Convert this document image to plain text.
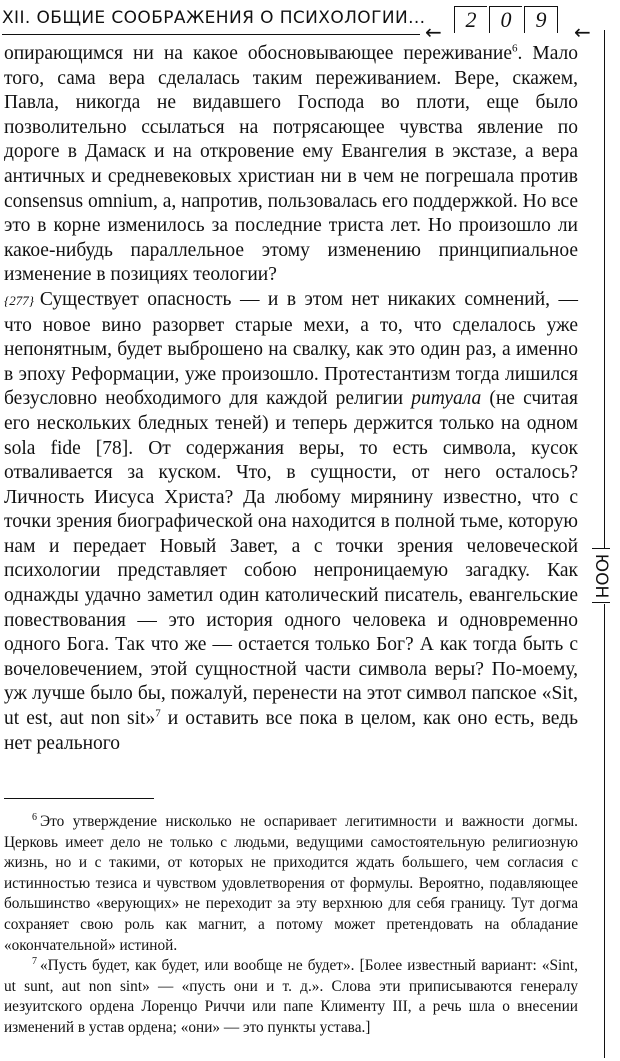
XII. ОБЩИЕ СООБРАЖЕНИЯ О ПСИХОЛОГИИ...
←	2 0 9	←
ЮОН

опирающимся ни на какое обосновывающее переживание$^6$. Мало того, сама вера сделалась таким переживанием. Вере, скажем, Павла, никогда не видавшего Господа во плоти, еще было позволительно ссылаться на потрясающее чувства явление по дороге в Дамаск и на откровение ему Евангелия в экстазе, а вера античных и средневековых христиан ни в чем не погрешала против consensus omnium, а, напротив, пользовалась его поддержкой. Но все это в корне изменилось за последние триста лет. Но произошло ли какое-нибудь параллельное этому изменению принципиальное изменение в позициях теологии?

{277} Существует опасность — и в этом нет никаких сомнений, — что новое вино разорвет старые мехи, а то, что сделалось уже непонятным, будет выброшено на свалку, как это один раз, а именно в эпоху Реформации, уже произошло. Протестантизм тогда лишился безусловно необходимого для каждой религии ритуала (не считая его нескольких бледных теней) и теперь держится только на одном sola fide [78]. От содержания веры, то есть символа, кусок отваливается за куском. Что, в сущности, от него осталось? Личность Иисуса Христа? Да любому мирянину известно, что с точки зрения биографической она находится в полной тьме, которую нам и передает Новый Завет, а с точки зрения человеческой психологии представляет собою непроницаемую загадку. Как однажды удачно заметил один католический писатель, евангельские повествования — это история одного человека и одновременно одного Бога. Так что же — остается только Бог? А как тогда быть с вочеловечением, этой сущностной части символа веры? По-моему, уж лучше было бы, пожалуй, перенести на этот символ папское «Sit, ut est, aut non sit»$^7$ и оставить все пока в целом, как оно есть, ведь нет реального

$^6$ Это утверждение нисколько не оспаривает легитимности и важности догмы. Церковь имеет дело не только с людьми, ведущими самостоятельную религиозную жизнь, но и с такими, от которых не приходится ждать большего, чем согласия с истинностью тезиса и чувством удовлетворения от формулы. Вероятно, подавляющее большинство «верующих» не переходит за эту верхнюю для себя границу. Тут догма сохраняет свою роль как магнит, а потому может претендовать на обладание «окончательной» истиной.

$^7$ «Пусть будет, как будет, или вообще не будет». [Более известный вариант: «Sint, ut sunt, aut non sint» — «пусть они и т. д.». Слова эти приписываются генералу иезуитского ордена Лоренцо Риччи или папе Клименту III, а речь шла о внесении изменений в устав ордена; «они» — это пункты устава.]
